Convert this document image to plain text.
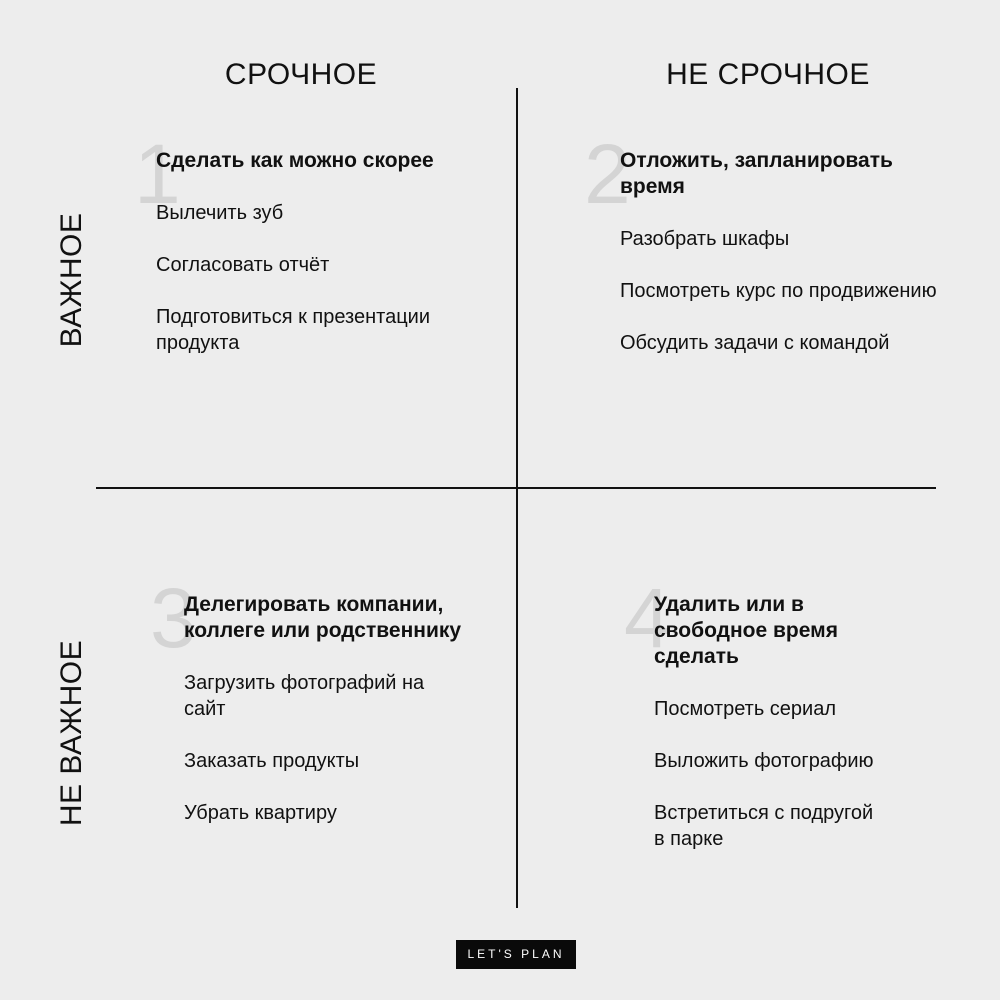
СРОЧНОЕ	НЕ СРОЧНОЕ
ВАЖНОЕ
НЕ ВАЖНОЕ
1
Сделать как можно скорее
Вылечить зуб
Согласовать отчёт
Подготовиться к презентации продукта
2
Отложить, запланировать время
Разобрать шкафы
Посмотреть курс по продвижению
Обсудить задачи с командой
3
Делегировать компании, коллеге или родственнику
Загрузить фотографий на сайт
Заказать продукты
Убрать квартиру
4
Удалить или в свободное время сделать
Посмотреть сериал
Выложить фотографию
Встретиться с подругой в парке
LET'S PLAN
